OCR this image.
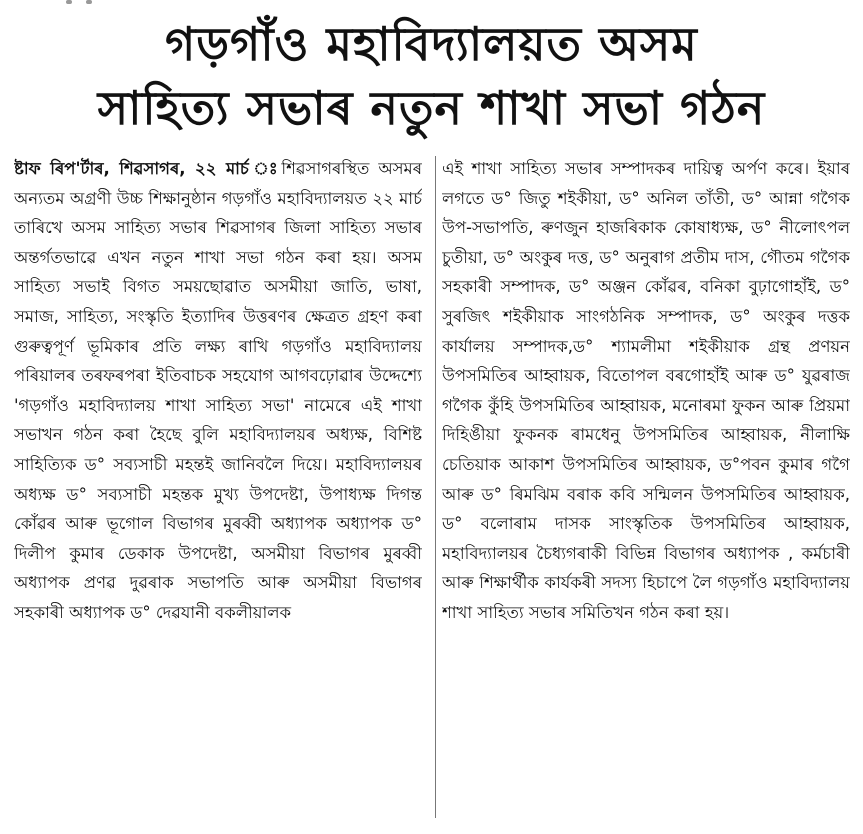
গড়গাঁও মহাবিদ্যালয়ত অসম
সাহিত্য সভাৰ নতুন শাখা সভা গঠন
ষ্টাফ ৰিপ'ৰ্টাৰ, শিৱসাগৰ, ২২ মাৰ্চ ঃশিৱসাগৰস্থিত অসমৰ অন্যতম অগ্ৰণী উচ্চ শিক্ষানুষ্ঠান গড়গাঁও মহাবিদ্যালয়ত ২২ মাৰ্চ তাৰিখে অসম সাহিত্য সভাৰ শিৱসাগৰ জিলা সাহিত্য সভাৰ অন্তৰ্গতভাৱে এখন নতুন শাখা সভা গঠন কৰা হয়। অসম সাহিত্য সভাই বিগত সময়ছোৱাত অসমীয়া জাতি, ভাষা, সমাজ, সাহিত্য, সংস্কৃতি ইত্যাদিৰ উত্তৰণৰ ক্ষেত্ৰত গ্ৰহণ কৰা গুৰুত্বপূৰ্ণ ভূমিকাৰ প্ৰতি লক্ষ্য ৰাখি গড়গাঁও মহাবিদ্যালয় পৰিয়ালৰ তৰফৰপৰা ইতিবাচক সহযোগ আগবঢ়োৱাৰ উদ্দেশ্যে 'গড়গাঁও মহাবিদ্যালয় শাখা সাহিত্য সভা' নামেৰে এই শাখা সভাখন গঠন কৰা হৈছে বুলি মহাবিদ্যালয়ৰ অধ্যক্ষ, বিশিষ্ট সাহিত্যিক ড° সব্যসাচী মহন্তই জানিবলৈ দিয়ে। মহাবিদ্যালয়ৰ অধ্যক্ষ ড° সব্যসাচী মহন্তক মুখ্য উপদেষ্টা, উপাধ্যক্ষ দিগন্ত কোঁৱৰ আৰু ভূগোল বিভাগৰ মুৰব্বী অধ্যাপক অধ্যাপক ড° দিলীপ কুমাৰ ডেকাক উপদেষ্টা, অসমীয়া বিভাগৰ মুৰব্বী অধ্যাপক প্ৰণৱ দুৱৰাক সভাপতি আৰু অসমীয়া বিভাগৰ সহকাৰী অধ্যাপক ড° দেৱযানী বকলীয়ালক
এই শাখা সাহিত্য সভাৰ সম্পাদকৰ দায়িত্ব অৰ্পণ কৰে। ইয়াৰ লগতে ড° জিতু শইকীয়া, ড° অনিল তাঁতী, ড° আন্না গগৈক উপ-সভাপতি, ৰুণজুন হাজৰিকাক কোষাধ্যক্ষ, ড° নীলোৎপল চুতীয়া, ড° অংকুৰ দত্ত, ড° অনুৰাগ প্ৰতীম দাস, গৌতম গগৈক সহকাৰী সম্পাদক, ড° অঞ্জন কোঁৱৰ, বনিকা বুঢ়াগোহাঁই, ড° সুৰজিৎ শইকীয়াক সাংগঠনিক সম্পাদক, ড° অংকুৰ দত্তক কাৰ্যালয় সম্পাদক,ড° শ্যামলীমা শইকীয়াক গ্ৰন্থ প্ৰণয়ন উপসমিতিৰ আহ্বায়ক, বিতোপল বৰগোহাঁই আৰু ড° যুৱৰাজ গগৈক কুঁহি উপসমিতিৰ আহ্বায়ক, মনোৰমা ফুকন আৰু প্ৰিয়মা দিহিঙীয়া ফুকনক ৰামধেনু উপসমিতিৰ আহ্বায়ক, নীলাক্ষি চেতিয়াক আকাশ উপসমিতিৰ আহ্বায়ক, ড°পবন কুমাৰ গগৈ আৰু ড° ৰিমঝিম বৰাক কবি সন্মিলন উপসমিতিৰ আহ্বায়ক, ড° বলোৰাম দাসক সাংস্কৃতিক উপসমিতিৰ আহ্বায়ক, মহাবিদ্যালয়ৰ চৈধ্যগৰাকী বিভিন্ন বিভাগৰ অধ্যাপক , কৰ্মচাৰী আৰু শিক্ষাৰ্থীক কাৰ্যকৰী সদস্য হিচাপে লৈ গড়গাঁও মহাবিদ্যালয় শাখা সাহিত্য সভাৰ সমিতিখন গঠন কৰা হয়।
